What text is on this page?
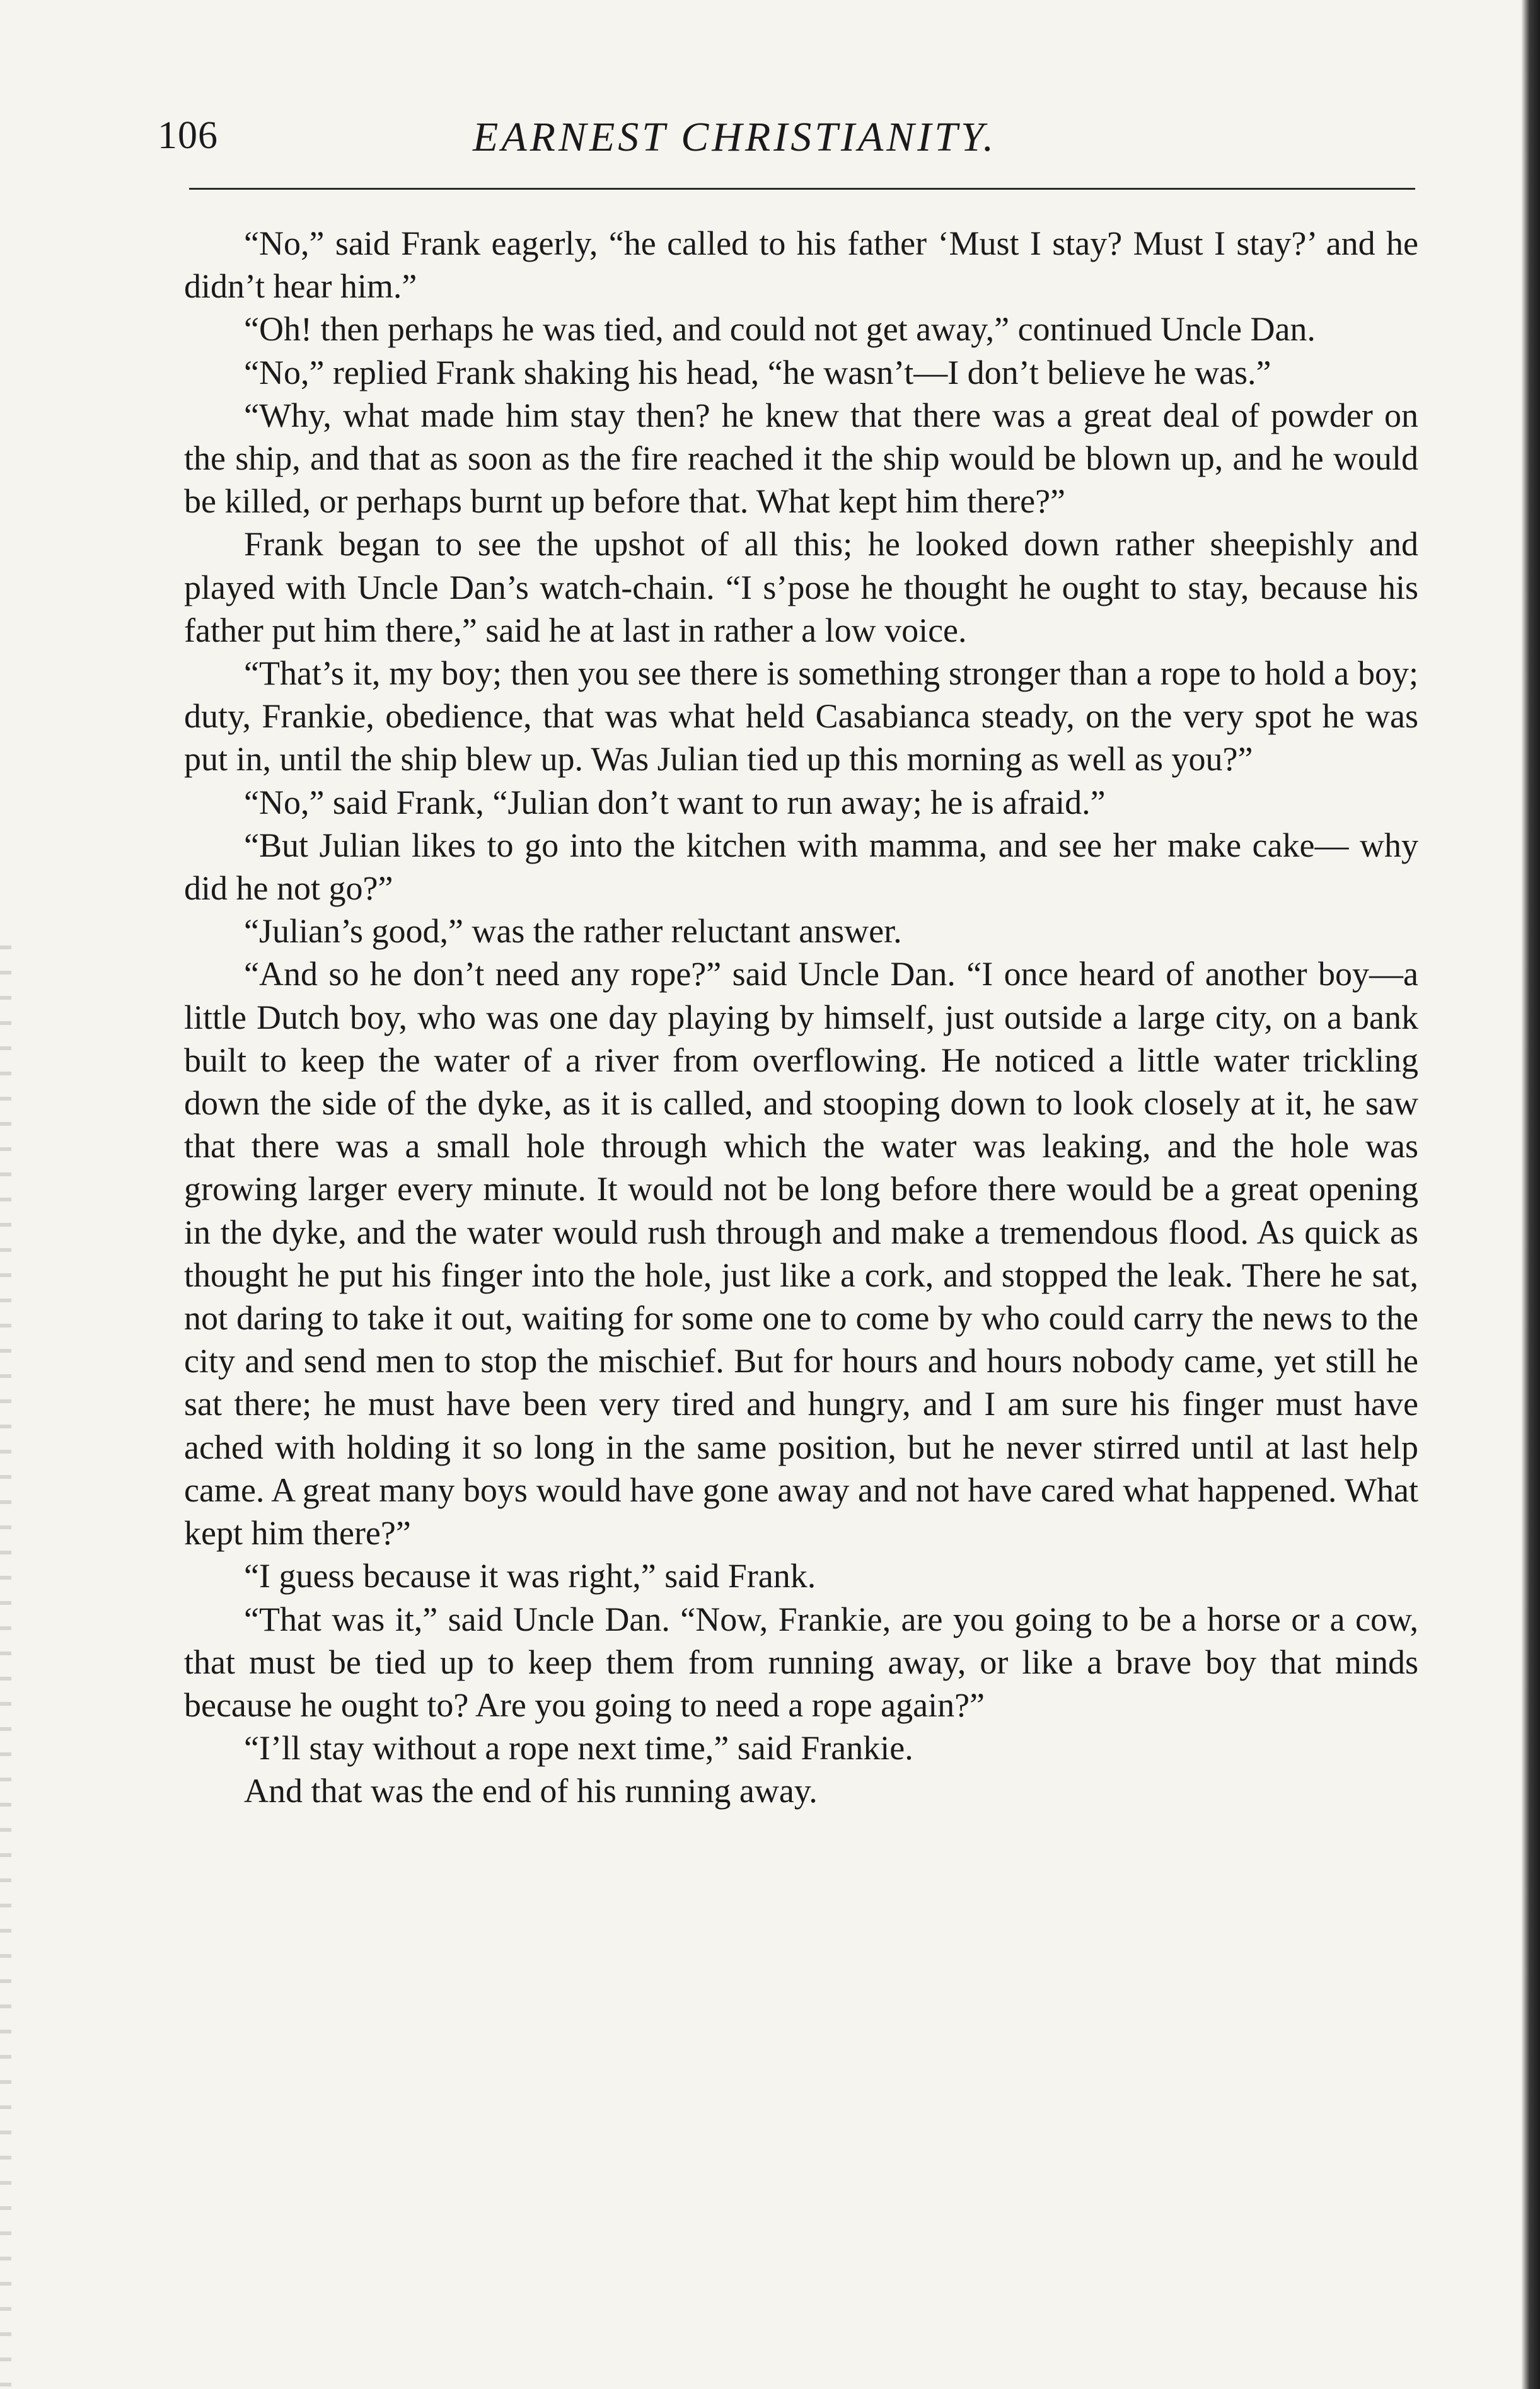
106	EARNEST CHRISTIANITY.

“No,” said Frank eagerly, “he called to his father ‘Must I stay? Must I stay?’ and he didn’t hear him.”

“Oh! then perhaps he was tied, and could not get away,” continued Uncle Dan.

“No,” replied Frank shaking his head, “he wasn’t—I don’t believe he was.”

“Why, what made him stay then? he knew that there was a great deal of powder on the ship, and that as soon as the fire reached it the ship would be blown up, and he would be killed, or perhaps burnt up before that. What kept him there?”

Frank began to see the upshot of all this; he looked down rather sheepishly and played with Uncle Dan’s watch-chain. “I s’pose he thought he ought to stay, because his father put him there,” said he at last in rather a low voice.

“That’s it, my boy; then you see there is something stronger than a rope to hold a boy; duty, Frankie, obedience, that was what held Casabianca steady, on the very spot he was put in, until the ship blew up. Was Julian tied up this morning as well as you?”

“No,” said Frank, “Julian don’t want to run away; he is afraid.”

“But Julian likes to go into the kitchen with mamma, and see her make cake— why did he not go?”

“Julian’s good,” was the rather reluctant answer.

“And so he don’t need any rope?” said Uncle Dan. “I once heard of another boy—a little Dutch boy, who was one day playing by himself, just outside a large city, on a bank built to keep the water of a river from overflowing. He noticed a little water trickling down the side of the dyke, as it is called, and stooping down to look closely at it, he saw that there was a small hole through which the water was leaking, and the hole was growing larger every minute. It would not be long before there would be a great opening in the dyke, and the water would rush through and make a tremendous flood. As quick as thought he put his finger into the hole, just like a cork, and stopped the leak. There he sat, not daring to take it out, waiting for some one to come by who could carry the news to the city and send men to stop the mischief. But for hours and hours nobody came, yet still he sat there; he must have been very tired and hungry, and I am sure his finger must have ached with holding it so long in the same position, but he never stirred until at last help came. A great many boys would have gone away and not have cared what happened. What kept him there?”

“I guess because it was right,” said Frank.

“That was it,” said Uncle Dan. “Now, Frankie, are you going to be a horse or a cow, that must be tied up to keep them from running away, or like a brave boy that minds because he ought to? Are you going to need a rope again?”

“I’ll stay without a rope next time,” said Frankie.

And that was the end of his running away.
